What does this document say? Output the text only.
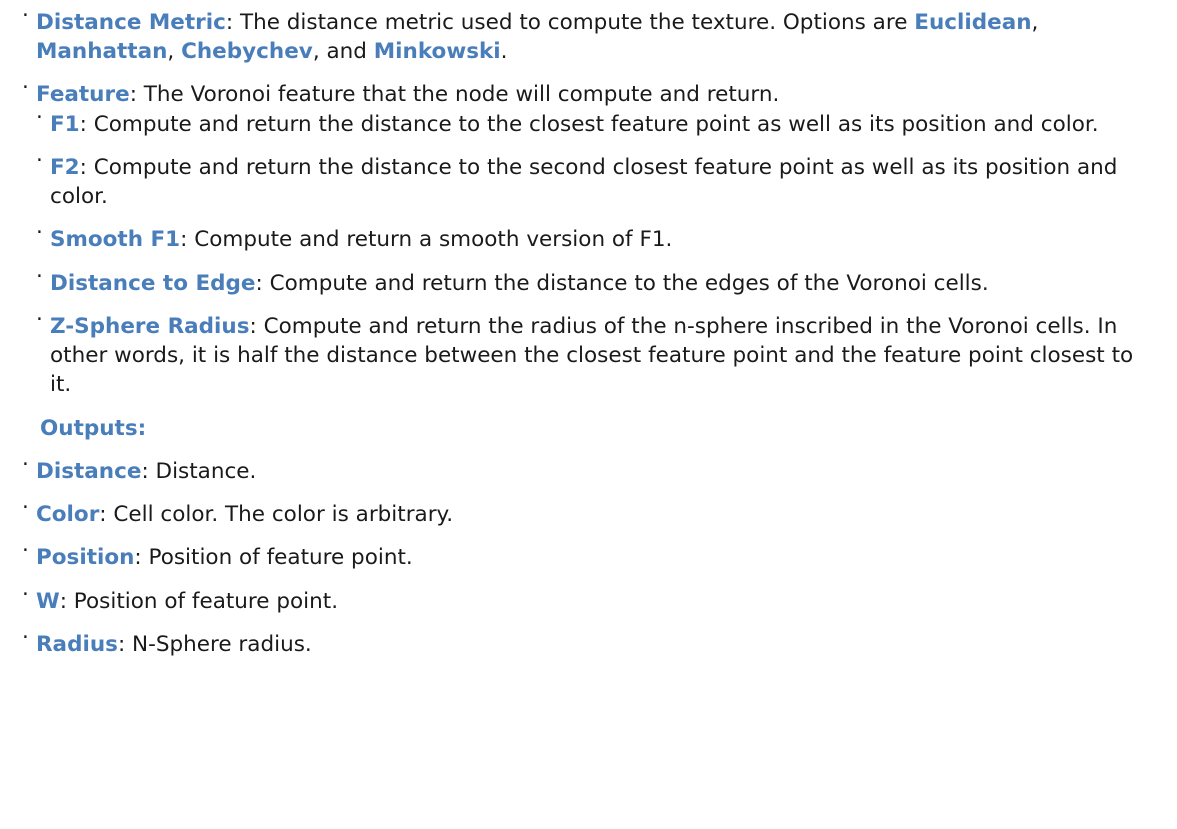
· Distance Metric: The distance metric used to compute the texture. Options are Euclidean, Manhattan, Chebychev, and Minkowski.
· Feature: The Voronoi feature that the node will compute and return.
· F1: Compute and return the distance to the closest feature point as well as its position and color.
· F2: Compute and return the distance to the second closest feature point as well as its position and color.
· Smooth F1: Compute and return a smooth version of F1.
· Distance to Edge: Compute and return the distance to the edges of the Voronoi cells.
· Z-Sphere Radius: Compute and return the radius of the n-sphere inscribed in the Voronoi cells. In other words, it is half the distance between the closest feature point and the feature point closest to it.
Outputs:
· Distance: Distance.
· Color: Cell color. The color is arbitrary.
· Position: Position of feature point.
· W: Position of feature point.
· Radius: N-Sphere radius.
